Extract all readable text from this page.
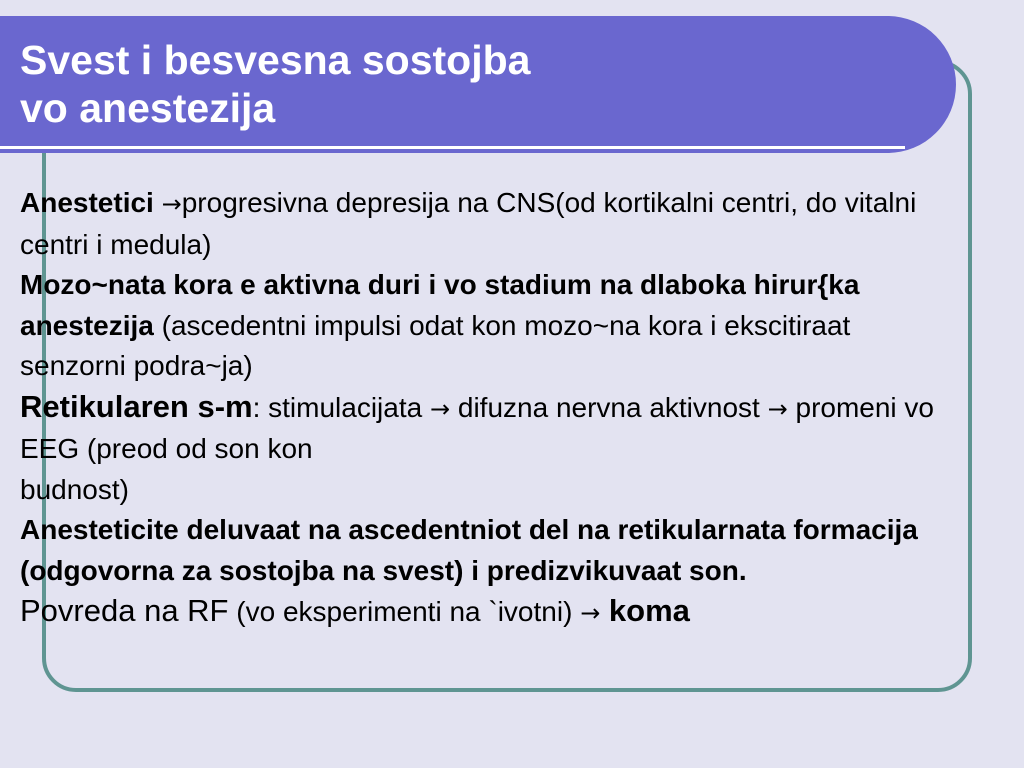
Svest i besvesna sostojba
vo anestezija

Anestetici →progresivna depresija na CNS(od kortikalni centri, do vitalni centri i medula)

Mozo~nata kora e aktivna duri i vo stadium na dlaboka hirur{ka anestezija (ascedentni impulsi odat kon mozo~na kora i ekscitiraat senzorni podra~ja)

Retikularen s-m: stimulacijata → difuzna nervna aktivnost → promeni vo EEG (preod od son kon
budnost)

Anesteticite deluvaat na ascedentniot del na retikularnata formacija (odgovorna za sostojba na svest) i predizvikuvaat son.

Povreda na RF (vo eksperimenti na `ivotni) → koma
